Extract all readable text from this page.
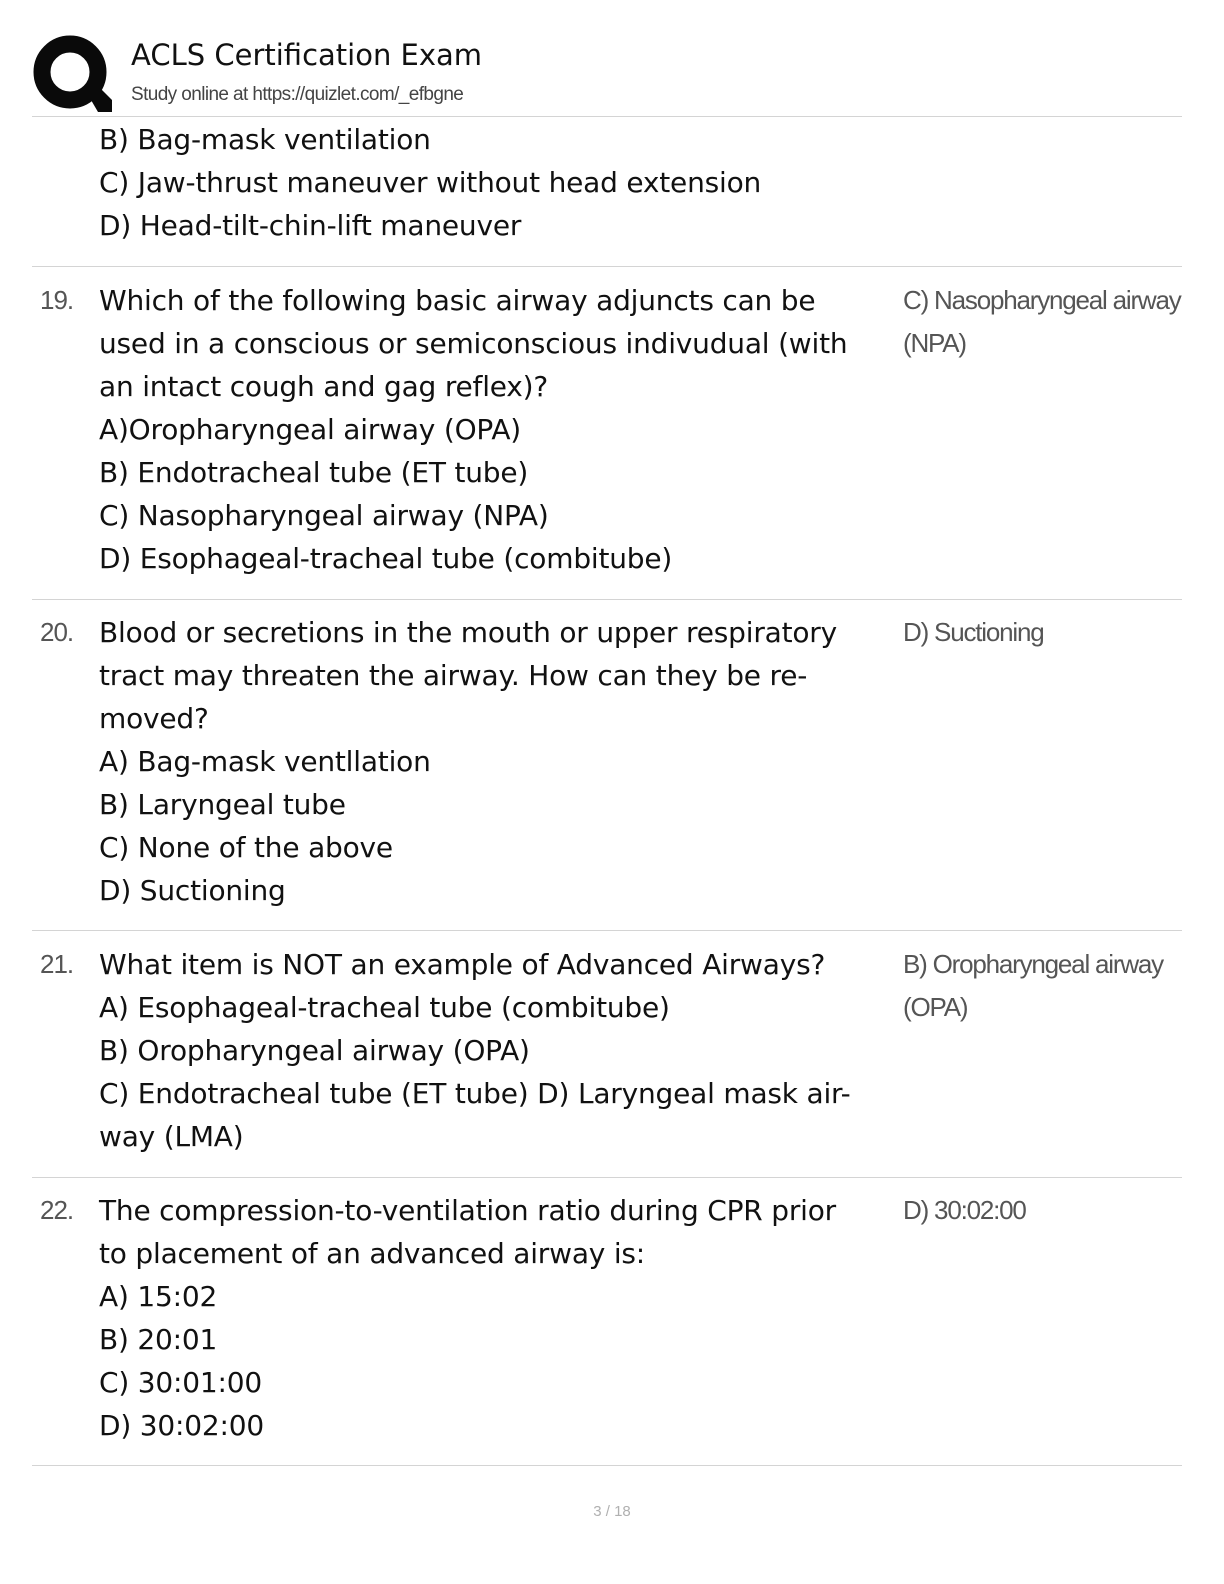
ACLS Certification Exam
Study online at https://quizlet.com/_efbgne
B) Bag-mask ventilation
C) Jaw-thrust maneuver without head extension
D) Head-tilt-chin-lift maneuver
19. Which of the following basic airway adjuncts can be
used in a conscious or semiconscious indivudual (with
an intact cough and gag reflex)?
A)Oropharyngeal airway (OPA)
B) Endotracheal tube (ET tube)
C) Nasopharyngeal airway (NPA)
D) Esophageal-tracheal tube (combitube)
C) Nasopharyngeal airway
(NPA)
20. Blood or secretions in the mouth or upper respiratory
tract may threaten the airway. How can they be re-
moved?
A) Bag-mask ventllation
B) Laryngeal tube
C) None of the above
D) Suctioning
D) Suctioning
21. What item is NOT an example of Advanced Airways?
A) Esophageal-tracheal tube (combitube)
B) Oropharyngeal airway (OPA)
C) Endotracheal tube (ET tube) D) Laryngeal mask air-
way (LMA)
B) Oropharyngeal airway
(OPA)
22. The compression-to-ventilation ratio during CPR prior
to placement of an advanced airway is:
A) 15:02
B) 20:01
C) 30:01:00
D) 30:02:00
D) 30:02:00
3 / 18
